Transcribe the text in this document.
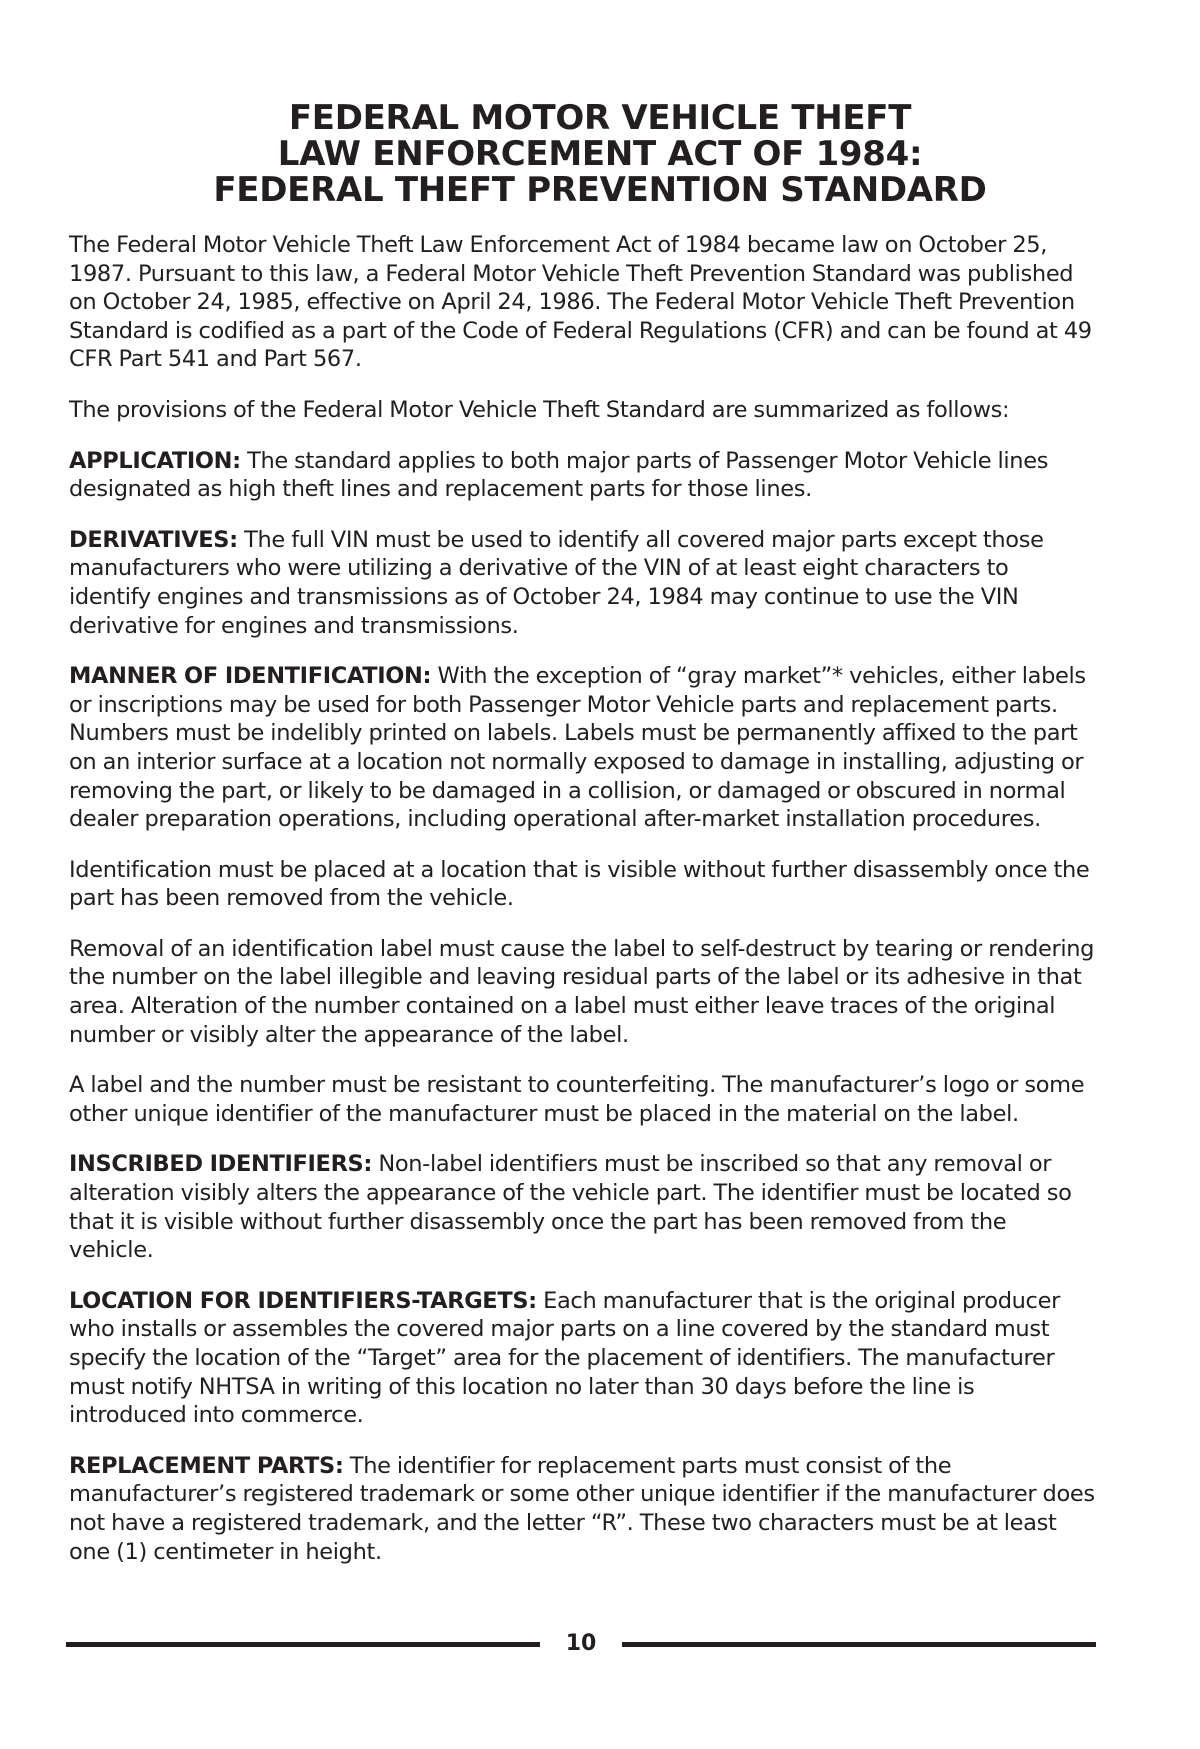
FEDERAL MOTOR VEHICLE THEFT
LAW ENFORCEMENT ACT OF 1984:
FEDERAL THEFT PREVENTION STANDARD

The Federal Motor Vehicle Theft Law Enforcement Act of 1984 became law on October 25, 1987. Pursuant to this law, a Federal Motor Vehicle Theft Prevention Standard was published on October 24, 1985, effective on April 24, 1986. The Federal Motor Vehicle Theft Prevention Standard is codified as a part of the Code of Federal Regulations (CFR) and can be found at 49 CFR Part 541 and Part 567.

The provisions of the Federal Motor Vehicle Theft Standard are summarized as follows:

APPLICATION: The standard applies to both major parts of Passenger Motor Vehicle lines designated as high theft lines and replacement parts for those lines.

DERIVATIVES: The full VIN must be used to identify all covered major parts except those manufacturers who were utilizing a derivative of the VIN of at least eight characters to identify engines and transmissions as of October 24, 1984 may continue to use the VIN derivative for engines and transmissions.

MANNER OF IDENTIFICATION: With the exception of “gray market”* vehicles, either labels or inscriptions may be used for both Passenger Motor Vehicle parts and replacement parts. Numbers must be indelibly printed on labels. Labels must be permanently affixed to the part on an interior surface at a location not normally exposed to damage in installing, adjusting or removing the part, or likely to be damaged in a collision, or damaged or obscured in normal dealer preparation operations, including operational after-market installation procedures.

Identification must be placed at a location that is visible without further disassembly once the part has been removed from the vehicle.

Removal of an identification label must cause the label to self-destruct by tearing or rendering the number on the label illegible and leaving residual parts of the label or its adhesive in that area. Alteration of the number contained on a label must either leave traces of the original number or visibly alter the appearance of the label.

A label and the number must be resistant to counterfeiting. The manufacturer’s logo or some other unique identifier of the manufacturer must be placed in the material on the label.

INSCRIBED IDENTIFIERS: Non-label identifiers must be inscribed so that any removal or alteration visibly alters the appearance of the vehicle part. The identifier must be located so that it is visible without further disassembly once the part has been removed from the vehicle.

LOCATION FOR IDENTIFIERS-TARGETS: Each manufacturer that is the original producer who installs or assembles the covered major parts on a line covered by the standard must specify the location of the “Target” area for the placement of identifiers. The manufacturer must notify NHTSA in writing of this location no later than 30 days before the line is introduced into commerce.

REPLACEMENT PARTS: The identifier for replacement parts must consist of the manufacturer’s registered trademark or some other unique identifier if the manufacturer does not have a registered trademark, and the letter “R”. These two characters must be at least one (1) centimeter in height.

10
